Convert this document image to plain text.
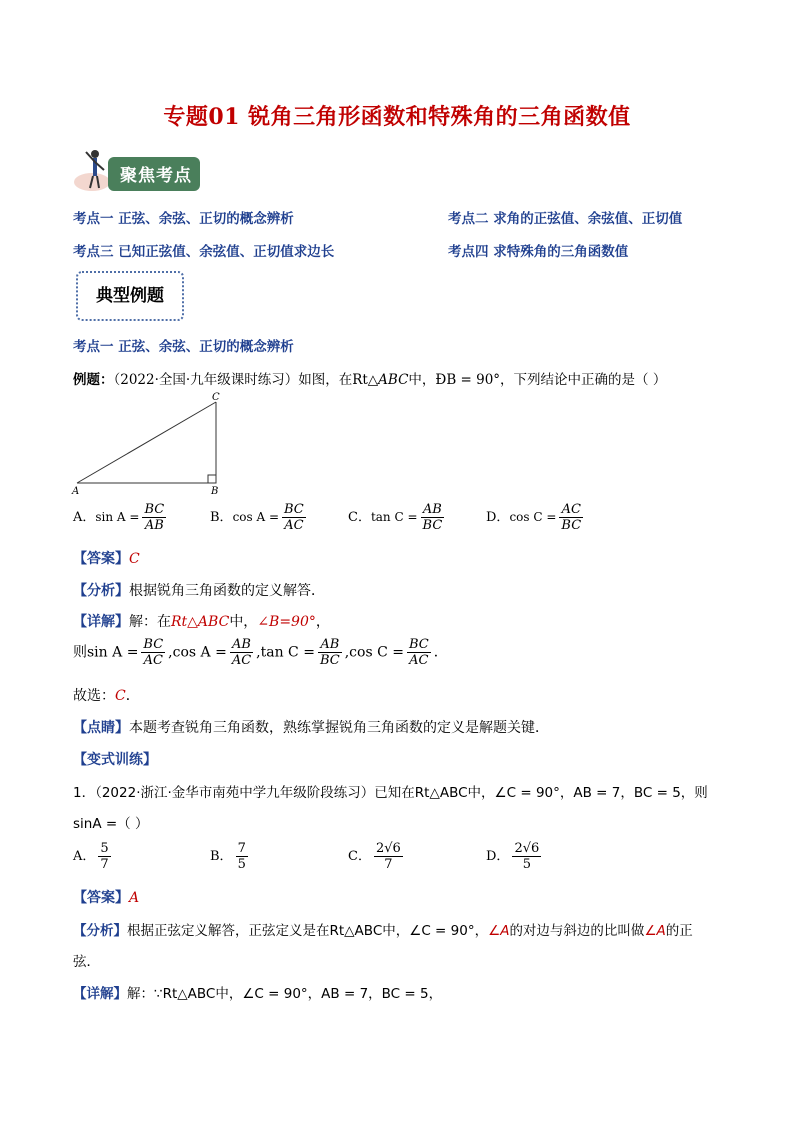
专题01 锐角三角形函数和特殊角的三角函数值
聚焦考点
考点一 正弦、余弦、正切的概念辨析	考点二 求角的正弦值、余弦值、正切值
考点三 已知正弦值、余弦值、正切值求边长	考点四 求特殊角的三角函数值
典型例题
考点一 正弦、余弦、正切的概念辨析
例题：（2022·全国·九年级课时练习）如图，在Rt△ABC中，ÐB = 90°，下列结论中正确的是（ ）
A	B
C
A．$\sin A = \frac{BC}{AB}$	B．$\cos A = \frac{BC}{AC}$	C．$\tan C = \frac{AB}{BC}$	D．$\cos C = \frac{AC}{BC}$
【答案】C
【分析】根据锐角三角函数的定义解答．
【详解】解：在Rt△ABC中，∠B=90°，
则$\sin A = \frac{BC}{AC} ,\cos$ $A = \frac{AB}{AC} ,\tan$ $C = \frac{AB}{BC} ,\cos$ $C = \frac{BC}{AC}$ ．
故选：C．
【点睛】本题考查锐角三角函数，熟练掌握锐角三角函数的定义是解题关键．
【变式训练】
1．（2022·浙江·金华市南苑中学九年级阶段练习）已知在Rt△ABC中，∠C = 90°，AB = 7，BC = 5，则
sinA =（ ）
A． $\frac{5}{7}$	B． $\frac{7}{5}$	C． $\frac{2√6}{7}$	D． $\frac{2√6}{5}$
【答案】A
【分析】根据正弦定义解答，正弦定义是在Rt△ABC中，∠C = 90°，∠A的对边与斜边的比叫做∠A的正
弦．
【详解】解：∵Rt△ABC中，∠C = 90°，AB = 7，BC = 5，
